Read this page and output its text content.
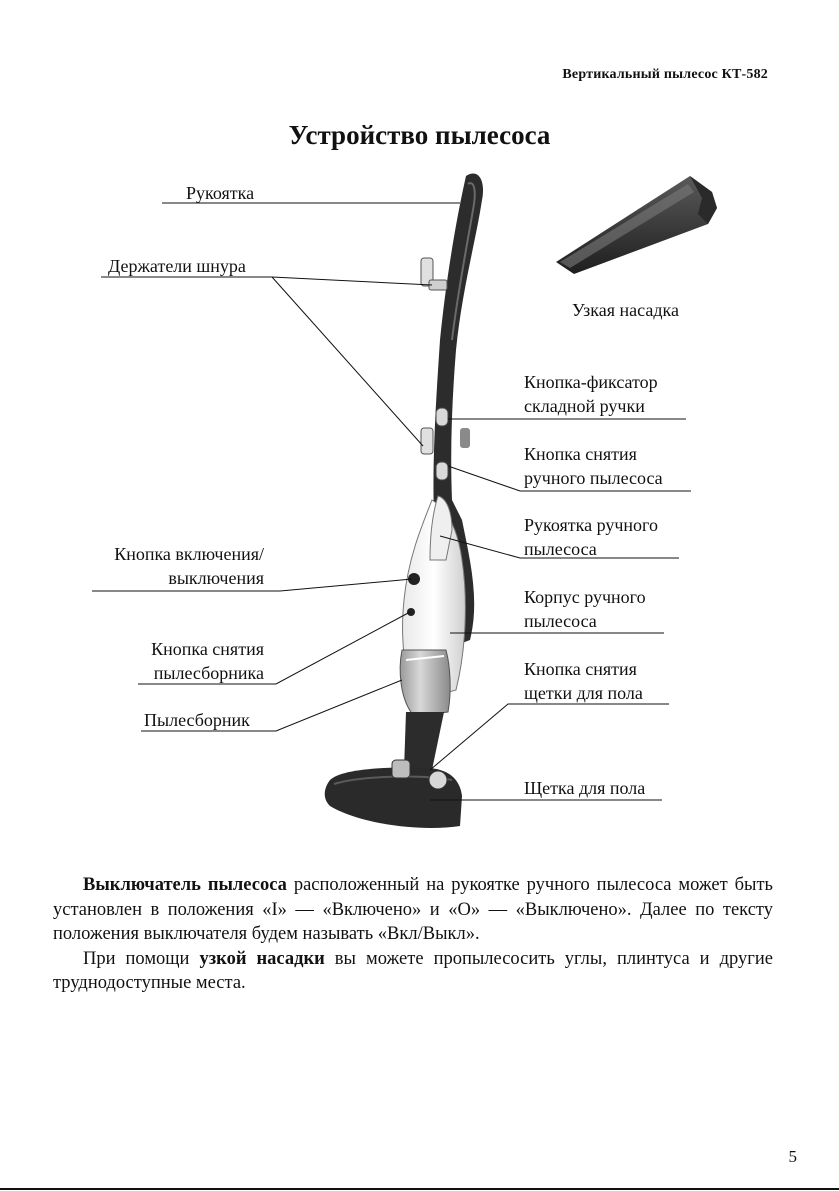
Вертикальный пылесос КТ-582
Устройство пылесоса
Рукоятка
Держатели шнура
Узкая насадка
Кнопка-фиксатор
складной ручки
Кнопка снятия
ручного пылесоса
Рукоятка ручного
пылесоса
Кнопка включения/
выключения
Корпус ручного
пылесоса
Кнопка снятия
пылесборника	Кнопка снятия
щетки для пола
Пылесборник
Щетка для пола

Выключатель пылесоса расположенный на рукоятке ручного пылесоса может быть установлен в положения «I» — «Включено» и «O» — «Выключено». Далее по тексту положения выключателя будем называть «Вкл/Выкл».

При помощи узкой насадки вы можете пропылесосить углы, плинтуса и другие труднодоступные места.

5
